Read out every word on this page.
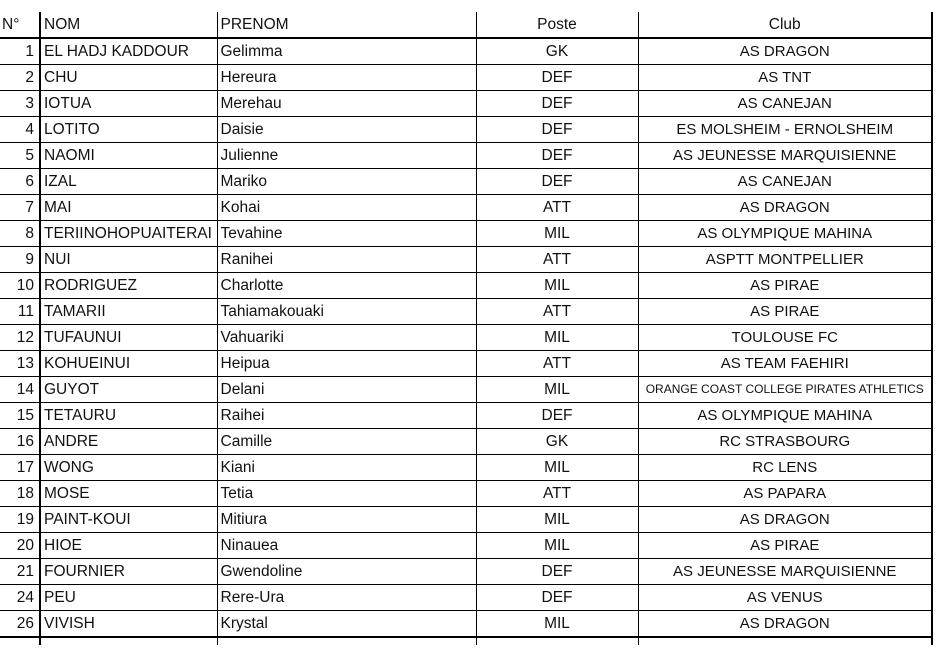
N°	NOM	PRENOM	Poste	Club
1	EL HADJ KADDOUR	Gelimma	GK	AS DRAGON
2	CHU	Hereura	DEF	AS TNT
3	IOTUA	Merehau	DEF	AS CANEJAN
4	LOTITO	Daisie	DEF	ES MOLSHEIM - ERNOLSHEIM
5	NAOMI	Julienne	DEF	AS JEUNESSE MARQUISIENNE
6	IZAL	Mariko	DEF	AS CANEJAN
7	MAI	Kohai	ATT	AS DRAGON
8	TERIINOHOPUAITERAI	Tevahine	MIL	AS OLYMPIQUE MAHINA
9	NUI	Ranihei	ATT	ASPTT MONTPELLIER
10	RODRIGUEZ	Charlotte	MIL	AS PIRAE
11	TAMARII	Tahiamakouaki	ATT	AS PIRAE
12	TUFAUNUI	Vahuariki	MIL	TOULOUSE FC
13	KOHUEINUI	Heipua	ATT	AS TEAM FAEHIRI
14	GUYOT	Delani	MIL	ORANGE COAST COLLEGE PIRATES ATHLETICS
15	TETAURU	Raihei	DEF	AS OLYMPIQUE MAHINA
16	ANDRE	Camille	GK	RC STRASBOURG
17	WONG	Kiani	MIL	RC LENS
18	MOSE	Tetia	ATT	AS PAPARA
19	PAINT-KOUI	Mitiura	MIL	AS DRAGON
20	HIOE	Ninauea	MIL	AS PIRAE
21	FOURNIER	Gwendoline	DEF	AS JEUNESSE MARQUISIENNE
24	PEU	Rere-Ura	DEF	AS VENUS
26	VIVISH	Krystal	MIL	AS DRAGON
